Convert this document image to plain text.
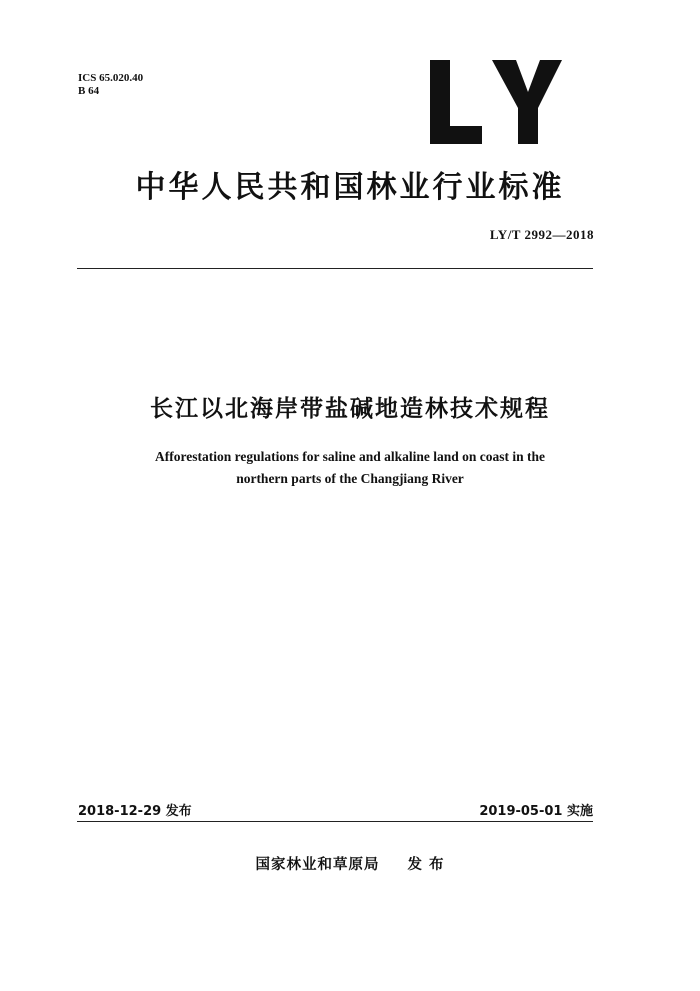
ICS 65.020.40
B 64
中华人民共和国林业行业标准
LY/T 2992—2018
长江以北海岸带盐碱地造林技术规程
Afforestation regulations for saline and alkaline land on coast in the
northern parts of the Changjiang River
2018-12-29 发布	2019-05-01 实施
国家林业和草原局 发 布
